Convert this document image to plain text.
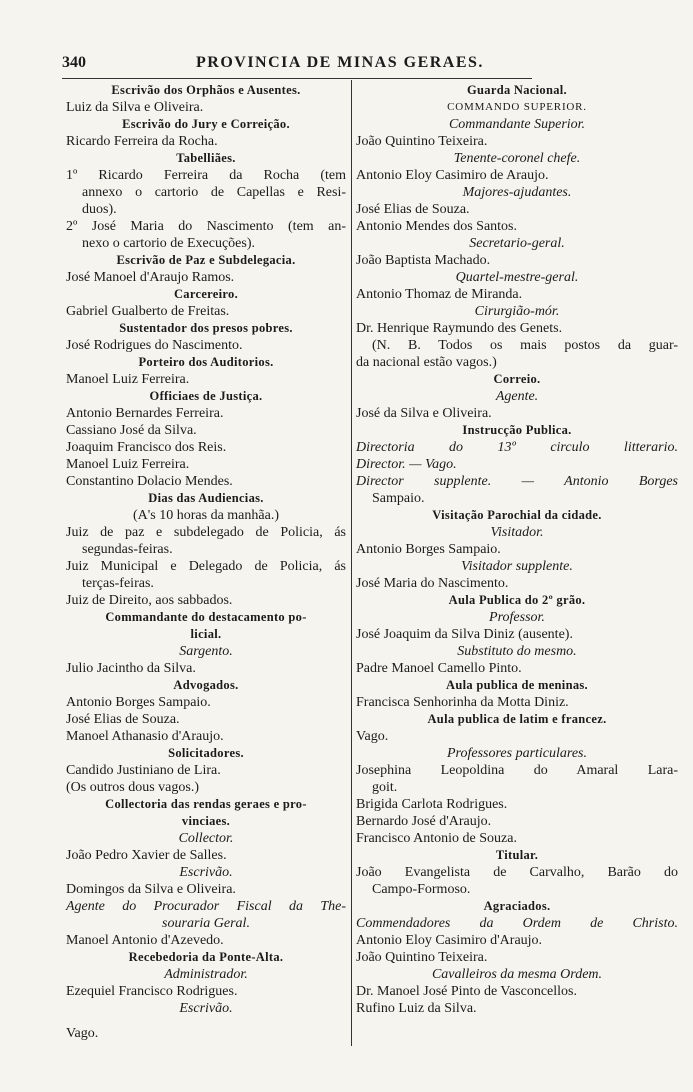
340	PROVINCIA DE MINAS GERAES.
Escrivão dos Orphãos e Ausentes.
Luiz da Silva e Oliveira.
Escrivão do Jury e Correição.
Ricardo Ferreira da Rocha.
Tabelliães.
1º Ricardo Ferreira da Rocha (tem
annexo o cartorio de Capellas e Resi-
duos).
2º José Maria do Nascimento (tem an-
nexo o cartorio de Execuções).
Escrivão de Paz e Subdelegacia.
José Manoel d'Araujo Ramos.
Carcereiro.
Gabriel Gualberto de Freitas.
Sustentador dos presos pobres.
José Rodrigues do Nascimento.
Porteiro dos Auditorios.
Manoel Luiz Ferreira.
Officiaes de Justiça.
Antonio Bernardes Ferreira.
Cassiano José da Silva.
Joaquim Francisco dos Reis.
Manoel Luiz Ferreira.
Constantino Dolacio Mendes.
Dias das Audiencias.
(A's 10 horas da manhãa.)
Juiz de paz e subdelegado de Policia, ás
segundas-feiras.
Juiz Municipal e Delegado de Policia, ás
terças-feiras.
Juiz de Direito, aos sabbados.
Commandante do destacamento po-
licial.
Sargento.
Julio Jacintho da Silva.
Advogados.
Antonio Borges Sampaio.
José Elias de Souza.
Manoel Athanasio d'Araujo.
Solicitadores.
Candido Justiniano de Lira.
(Os outros dous vagos.)
Collectoria das rendas geraes e pro-
vinciaes.
Collector.
João Pedro Xavier de Salles.
Escrivão.
Domingos da Silva e Oliveira.
Agente do Procurador Fiscal da The-
souraria Geral.
Manoel Antonio d'Azevedo.
Recebedoria da Ponte-Alta.
Administrador.
Ezequiel Francisco Rodrigues.
Escrivão.
Vago.
Guarda Nacional.
COMMANDO SUPERIOR.
Commandante Superior.
João Quintino Teixeira.
Tenente-coronel chefe.
Antonio Eloy Casimiro de Araujo.
Majores-ajudantes.
José Elias de Souza.
Antonio Mendes dos Santos.
Secretario-geral.
João Baptista Machado.
Quartel-mestre-geral.
Antonio Thomaz de Miranda.
Cirurgião-mór.
Dr. Henrique Raymundo des Genets.
(N. B. Todos os mais postos da guar-
da nacional estão vagos.)
Correio.
Agente.
José da Silva e Oliveira.
Instrucção Publica.
Directoria do 13º circulo litterario.
Director. — Vago.
Director supplente. — Antonio Borges
Sampaio.
Visitação Parochial da cidade.
Visitador.
Antonio Borges Sampaio.
Visitador supplente.
José Maria do Nascimento.
Aula Publica do 2º grão.
Professor.
José Joaquim da Silva Diniz (ausente).
Substituto do mesmo.
Padre Manoel Camello Pinto.
Aula publica de meninas.
Francisca Senhorinha da Motta Diniz.
Aula publica de latim e francez.
Vago.
Professores particulares.
Josephina Leopoldina do Amaral Lara-
goit.
Brigida Carlota Rodrigues.
Bernardo José d'Araujo.
Francisco Antonio de Souza.
Titular.
João Evangelista de Carvalho, Barão do
Campo-Formoso.
Agraciados.
Commendadores da Ordem de Christo.
Antonio Eloy Casimiro d'Araujo.
João Quintino Teixeira.
Cavalleiros da mesma Ordem.
Dr. Manoel José Pinto de Vasconcellos.
Rufino Luiz da Silva.
